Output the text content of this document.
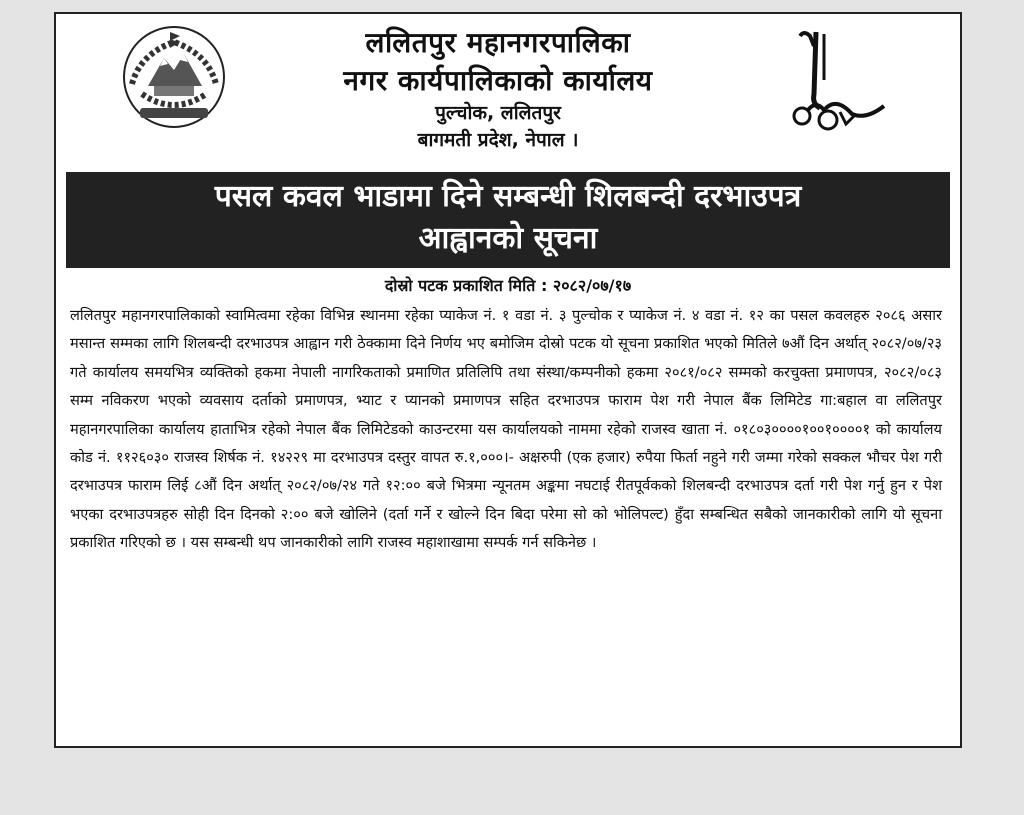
ललितपुर महानगरपालिका
नगर कार्यपालिकाको कार्यालय
पुल्चोक, ललितपुर
बागमती प्रदेश, नेपाल ।
पसल कवल भाडामा दिने सम्बन्धी शिलबन्दी दरभाउपत्र
आह्वानको सूचना
दोस्रो पटक प्रकाशित मिति : २०८२/०७/१७
ललितपुर महानगरपालिकाको स्वामित्वमा रहेका विभिन्न स्थानमा रहेका प्याकेज नं. १ वडा नं. ३ पुल्चोक र प्याकेज नं. ४ वडा नं. १२ का पसल कवलहरु २०८६ असार मसान्त सम्मका लागि शिलबन्दी दरभाउपत्र आह्वान गरी ठेक्कामा दिने निर्णय भए बमोजिम दोस्रो पटक यो सूचना प्रकाशित भएको मितिले ७औं दिन अर्थात् २०८२/०७/२३ गते कार्यालय समयभित्र व्यक्तिको हकमा नेपाली नागरिकताको प्रमाणित प्रतिलिपि तथा संस्था/कम्पनीको हकमा २०८१/०८२ सम्मको करचुक्ता प्रमाणपत्र, २०८२/०८३ सम्म नविकरण भएको व्यवसाय दर्ताको प्रमाणपत्र, भ्याट र प्यानको प्रमाणपत्र सहित दरभाउपत्र फाराम पेश गरी नेपाल बैंक लिमिटेड गा:बहाल वा ललितपुर महानगरपालिका कार्यालय हाताभित्र रहेको नेपाल बैंक लिमिटेडको काउन्टरमा यस कार्यालयको नाममा रहेको राजस्व खाता नं. ०१८०३००००१००१००००१ को कार्यालय कोड नं. ११२६०३० राजस्व शिर्षक नं. १४२२९ मा दरभाउपत्र दस्तुर वापत रु.१,०००।- अक्षरुपी (एक हजार) रुपैया फिर्ता नहुने गरी जम्मा गरेको सक्कल भौचर पेश गरी दरभाउपत्र फाराम लिई ८औं दिन अर्थात् २०८२/०७/२४ गते १२:०० बजे भित्रमा न्यूनतम अङ्कमा नघटाई रीतपूर्वकको शिलबन्दी दरभाउपत्र दर्ता गरी पेश गर्नु हुन र पेश भएका दरभाउपत्रहरु सोही दिन दिनको २:०० बजे खोलिने (दर्ता गर्ने र खोल्ने दिन बिदा परेमा सो को भोलिपल्ट) हुँदा सम्बन्धित सबैको जानकारीको लागि यो सूचना प्रकाशित गरिएको छ । यस सम्बन्धी थप जानकारीको लागि राजस्व महाशाखामा सम्पर्क गर्न सकिनेछ ।
